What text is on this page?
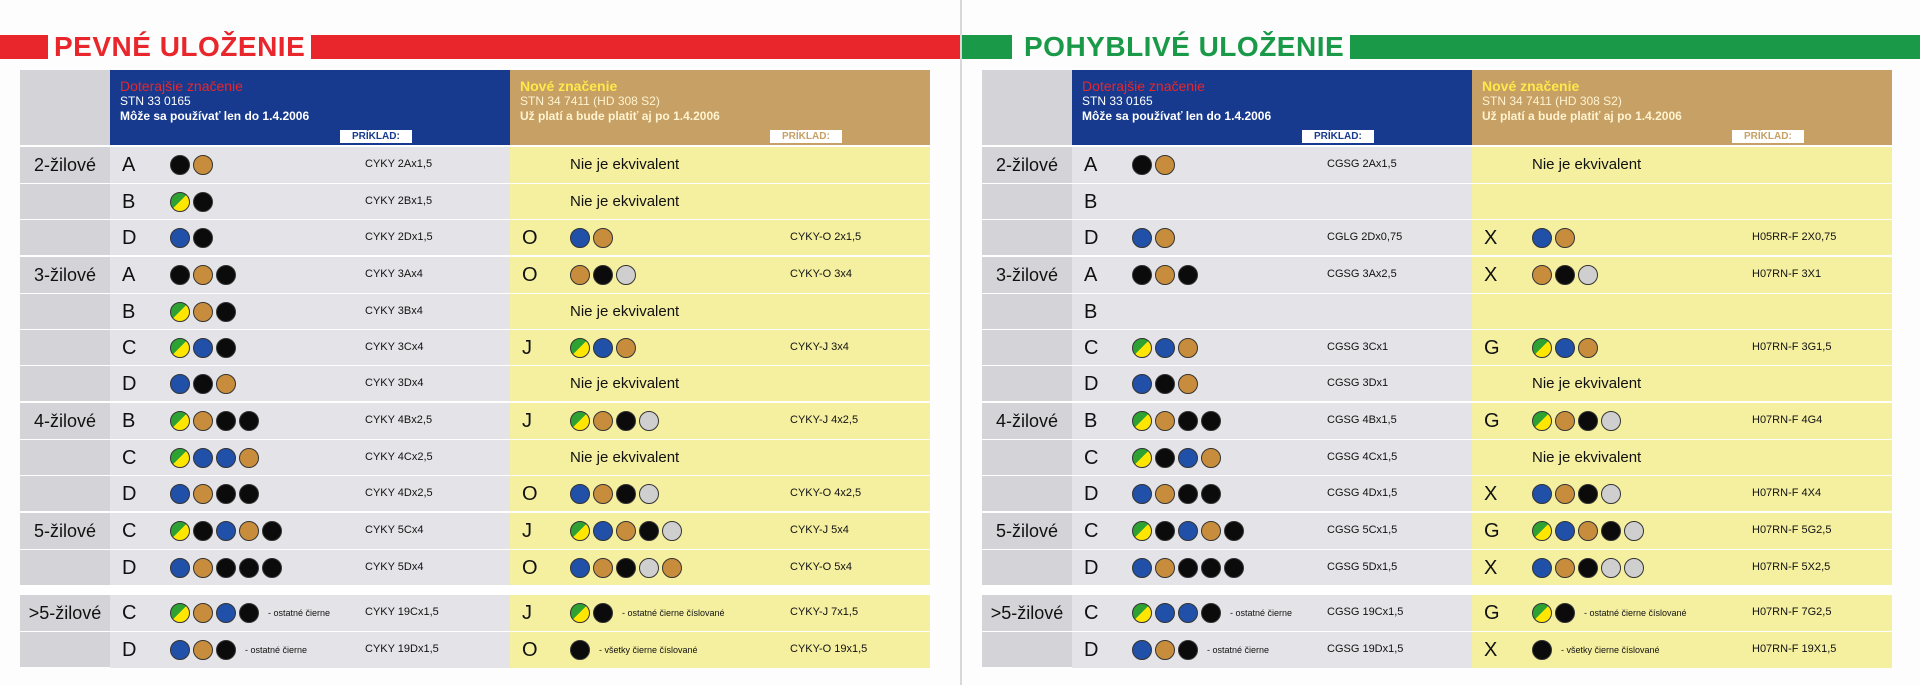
PEVNÉ ULOŽENIE
Doterajšie značenie
STN 33 0165
Môže sa používať len do 1.4.2006
PRÍKLAD:
Nové značenie
STN 34 7411 (HD 308 S2)
Už platí a bude platiť aj po 1.4.2006
PRÍKLAD:
2-žilové	A	CYKY 2Ax1,5	Nie je ekvivalent
B	CYKY 2Bx1,5	Nie je ekvivalent
D	CYKY 2Dx1,5	O	CYKY-O 2x1,5
3-žilové	A	CYKY 3Ax4	O	CYKY-O 3x4
B	CYKY 3Bx4	Nie je ekvivalent
C	CYKY 3Cx4	J	CYKY-J 3x4
D	CYKY 3Dx4	Nie je ekvivalent
4-žilové	B	CYKY 4Bx2,5	J	CYKY-J 4x2,5
C	CYKY 4Cx2,5	Nie je ekvivalent
D	CYKY 4Dx2,5	O	CYKY-O 4x2,5
5-žilové	C	CYKY 5Cx4	J	CYKY-J 5x4
D	CYKY 5Dx4	O	CYKY-O 5x4
>5-žilové	C	- ostatné čierne	CYKY 19Cx1,5	J	- ostatné čierne číslované	CYKY-J 7x1,5
D	- ostatné čierne	CYKY 19Dx1,5	O	- všetky čierne číslované	CYKY-O 19x1,5
POHYBLIVÉ ULOŽENIE
Doterajšie značenie
STN 33 0165
Môže sa používať len do 1.4.2006
PRÍKLAD:
Nové značenie
STN 34 7411 (HD 308 S2)
Už platí a bude platiť aj po 1.4.2006
PRÍKLAD:
2-žilové	A	CGSG 2Ax1,5	Nie je ekvivalent
B
D	CGLG 2Dx0,75	X	H05RR-F 2X0,75
3-žilové	A	CGSG 3Ax2,5	X	H07RN-F 3X1
B
C	CGSG 3Cx1	G	H07RN-F 3G1,5
D	CGSG 3Dx1	Nie je ekvivalent
4-žilové	B	CGSG 4Bx1,5	G	H07RN-F 4G4
C	CGSG 4Cx1,5	Nie je ekvivalent
D	CGSG 4Dx1,5	X	H07RN-F 4X4
5-žilové	C	CGSG 5Cx1,5	G	H07RN-F 5G2,5
D	CGSG 5Dx1,5	X	H07RN-F 5X2,5
>5-žilové	C	- ostatné čierne	CGSG 19Cx1,5	G	- ostatné čierne číslované	H07RN-F 7G2,5
D	- ostatné čierne	CGSG 19Dx1,5	X	- všetky čierne číslované	H07RN-F 19X1,5
